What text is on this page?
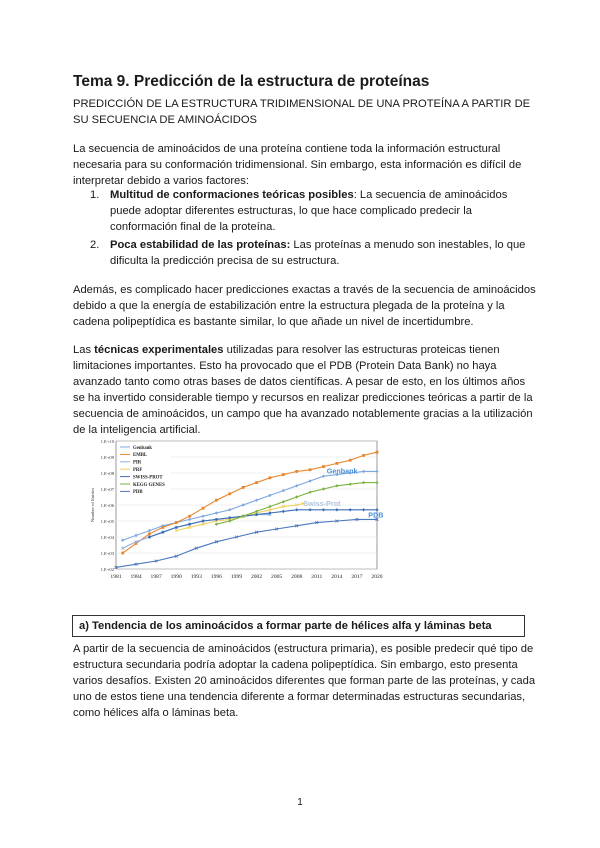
Tema 9. Predicción de la estructura de proteínas

PREDICCIÓN DE LA ESTRUCTURA TRIDIMENSIONAL DE UNA PROTEÍNA A PARTIR DE SU SECUENCIA DE AMINOÁCIDOS

La secuencia de aminoácidos de una proteína contiene toda la información estructural necesaria para su conformación tridimensional. Sin embargo, esta información es difícil de interpretar debido a varios factores:

1. Multitud de conformaciones teóricas posibles: La secuencia de aminoácidos puede adoptar diferentes estructuras, lo que hace complicado predecir la conformación final de la proteína.
2. Poca estabilidad de las proteínas: Las proteínas a menudo son inestables, lo que dificulta la predicción precisa de su estructura.

Además, es complicado hacer predicciones exactas a través de la secuencia de aminoácidos debido a que la energía de estabilización entre la estructura plegada de la proteína y la cadena polipeptídica es bastante similar, lo que añade un nivel de incertidumbre.

Las técnicas experimentales utilizadas para resolver las estructuras proteicas tienen limitaciones importantes. Esto ha provocado que el PDB (Protein Data Bank) no haya avanzado tanto como otras bases de datos científicas. A pesar de esto, en los últimos años se ha invertido considerable tiempo y recursos en realizar predicciones teóricas a partir de la secuencia de aminoácidos, un campo que ha avanzado notablemente gracias a la utilización de la inteligencia artificial.

1.E+02
1.E+03
1.E+04
1.E+05
1.E+06
1.E+07
1.E+08
1.E+09
1.E+10
1981 1984 1987 1990 1993 1996 1999 2002 2005 2008 2011 2014 2017 2020
Number of Entries
Genbank
EMBL
PIR
PRF
SWISS-PROT
KEGG GENES
PDB
Genbank
Swiss-Prot
PDB
a) Tendencia de los aminoácidos a formar parte de hélices alfa y láminas beta

A partir de la secuencia de aminoácidos (estructura primaria), es posible predecir qué tipo de estructura secundaria podría adoptar la cadena polipeptídica. Sin embargo, esto presenta varios desafíos. Existen 20 aminoácidos diferentes que forman parte de las proteínas, y cada uno de estos tiene una tendencia diferente a formar determinadas estructuras secundarias, como hélices alfa o láminas beta.

1
